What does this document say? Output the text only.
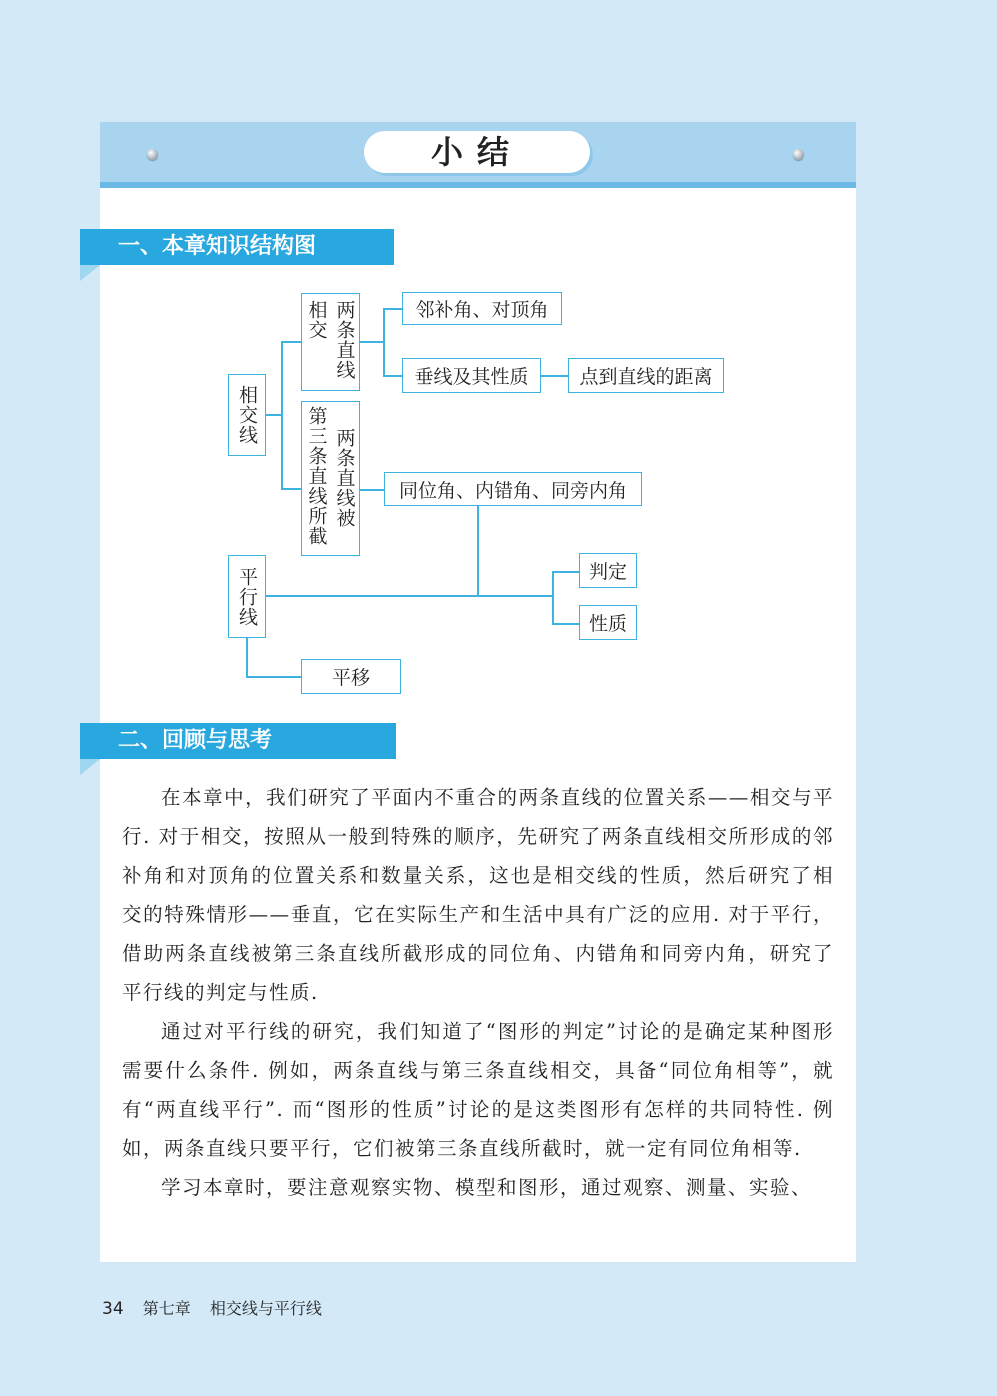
小结
一、本章知识结构图
相交线
相交 两条直线
第三条直线所截 两条直线被
邻补角、对顶角
垂线及其性质	点到直线的距离
同位角、内错角、同旁内角
平行线	判定
性质
平移
二、回顾与思考

在本章中，我们研究了平面内不重合的两条直线的位置关系——相交与平行. 对于相交，按照从一般到特殊的顺序，先研究了两条直线相交所形成的邻补角和对顶角的位置关系和数量关系，这也是相交线的性质，然后研究了相交的特殊情形——垂直，它在实际生产和生活中具有广泛的应用. 对于平行，借助两条直线被第三条直线所截形成的同位角、内错角和同旁内角，研究了平行线的判定与性质.

通过对平行线的研究，我们知道了“图形的判定”讨论的是确定某种图形需要什么条件. 例如，两条直线与第三条直线相交，具备“同位角相等”，就有“两直线平行”. 而“图形的性质”讨论的是这类图形有怎样的共同特性. 例如，两条直线只要平行，它们被第三条直线所截时，就一定有同位角相等.

学习本章时，要注意观察实物、模型和图形，通过观察、测量、实验、

34 第七章 相交线与平行线
